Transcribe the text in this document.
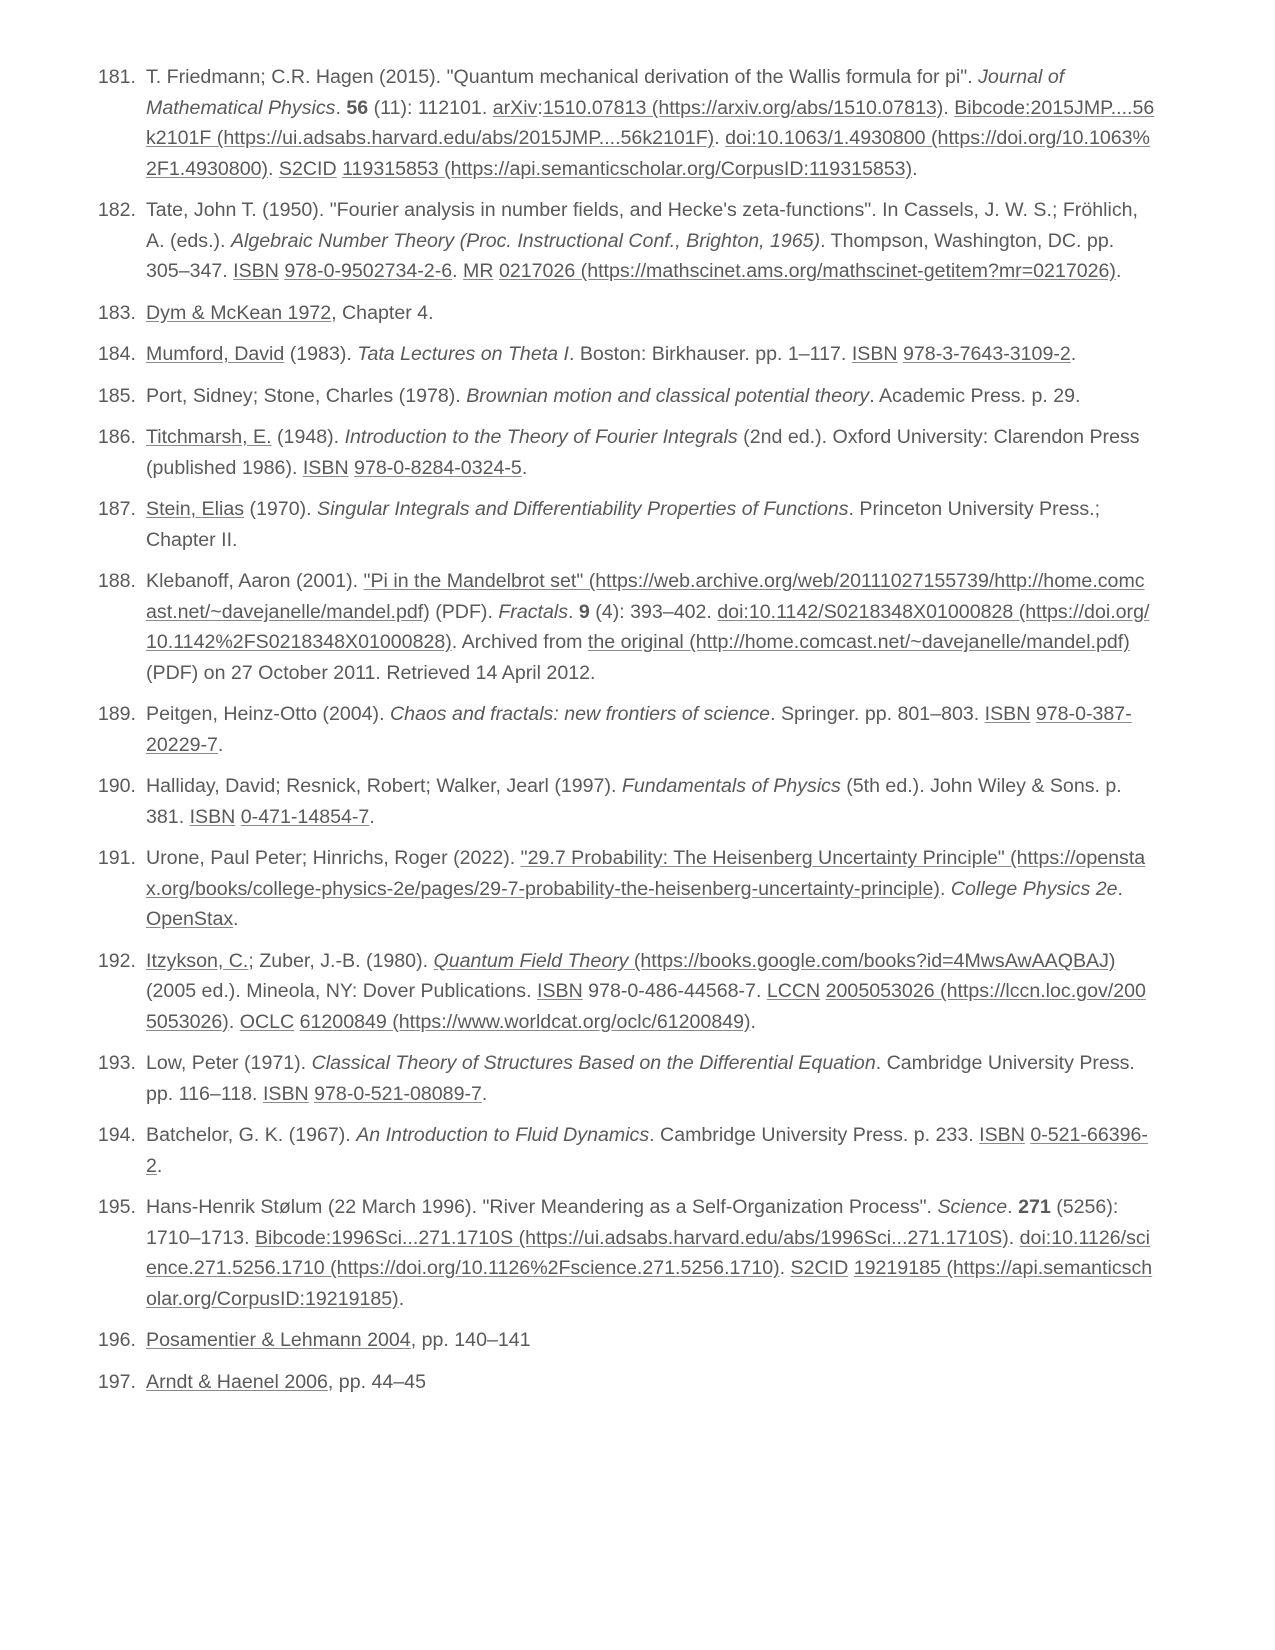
181. T. Friedmann; C.R. Hagen (2015). "Quantum mechanical derivation of the Wallis formula for pi". Journal of Mathematical Physics. 56 (11): 112101. arXiv:1510.07813 (https://arxiv.org/abs/1510.07813). Bibcode:2015JMP....56k2101F (https://ui.adsabs.harvard.edu/abs/2015JMP....56k2101F). doi:10.1063/1.4930800 (https://doi.org/10.1063%2F1.4930800). S2CID 119315853 (https://api.semanticscholar.org/CorpusID:119315853).
182. Tate, John T. (1950). "Fourier analysis in number fields, and Hecke's zeta-functions". In Cassels, J. W. S.; Fröhlich, A. (eds.). Algebraic Number Theory (Proc. Instructional Conf., Brighton, 1965). Thompson, Washington, DC. pp. 305–347. ISBN 978-0-9502734-2-6. MR 0217026 (https://mathscinet.ams.org/mathscinet-getitem?mr=0217026).
183. Dym & McKean 1972, Chapter 4.
184. Mumford, David (1983). Tata Lectures on Theta I. Boston: Birkhauser. pp. 1–117. ISBN 978-3-7643-3109-2.
185. Port, Sidney; Stone, Charles (1978). Brownian motion and classical potential theory. Academic Press. p. 29.
186. Titchmarsh, E. (1948). Introduction to the Theory of Fourier Integrals (2nd ed.). Oxford University: Clarendon Press (published 1986). ISBN 978-0-8284-0324-5.
187. Stein, Elias (1970). Singular Integrals and Differentiability Properties of Functions. Princeton University Press.; Chapter II.
188. Klebanoff, Aaron (2001). "Pi in the Mandelbrot set" (https://web.archive.org/web/20111027155739/http://home.comcast.net/~davejanelle/mandel.pdf) (PDF). Fractals. 9 (4): 393–402. doi:10.1142/S0218348X01000828 (https://doi.org/10.1142%2FS0218348X01000828). Archived from the original (http://home.comcast.net/~davejanelle/mandel.pdf) (PDF) on 27 October 2011. Retrieved 14 April 2012.
189. Peitgen, Heinz-Otto (2004). Chaos and fractals: new frontiers of science. Springer. pp. 801–803. ISBN 978-0-387-20229-7.
190. Halliday, David; Resnick, Robert; Walker, Jearl (1997). Fundamentals of Physics (5th ed.). John Wiley & Sons. p. 381. ISBN 0-471-14854-7.
191. Urone, Paul Peter; Hinrichs, Roger (2022). "29.7 Probability: The Heisenberg Uncertainty Principle" (https://openstax.org/books/college-physics-2e/pages/29-7-probability-the-heisenberg-uncertainty-principle). College Physics 2e. OpenStax.
192. Itzykson, C.; Zuber, J.-B. (1980). Quantum Field Theory (https://books.google.com/books?id=4MwsAwAAQBAJ) (2005 ed.). Mineola, NY: Dover Publications. ISBN 978-0-486-44568-7. LCCN 2005053026 (https://lccn.loc.gov/2005053026). OCLC 61200849 (https://www.worldcat.org/oclc/61200849).
193. Low, Peter (1971). Classical Theory of Structures Based on the Differential Equation. Cambridge University Press. pp. 116–118. ISBN 978-0-521-08089-7.
194. Batchelor, G. K. (1967). An Introduction to Fluid Dynamics. Cambridge University Press. p. 233. ISBN 0-521-66396-2.
195. Hans-Henrik Stølum (22 March 1996). "River Meandering as a Self-Organization Process". Science. 271 (5256): 1710–1713. Bibcode:1996Sci...271.1710S (https://ui.adsabs.harvard.edu/abs/1996Sci...271.1710S). doi:10.1126/science.271.5256.1710 (https://doi.org/10.1126%2Fscience.271.5256.1710). S2CID 19219185 (https://api.semanticscholar.org/CorpusID:19219185).
196. Posamentier & Lehmann 2004, pp. 140–141
197. Arndt & Haenel 2006, pp. 44–45
